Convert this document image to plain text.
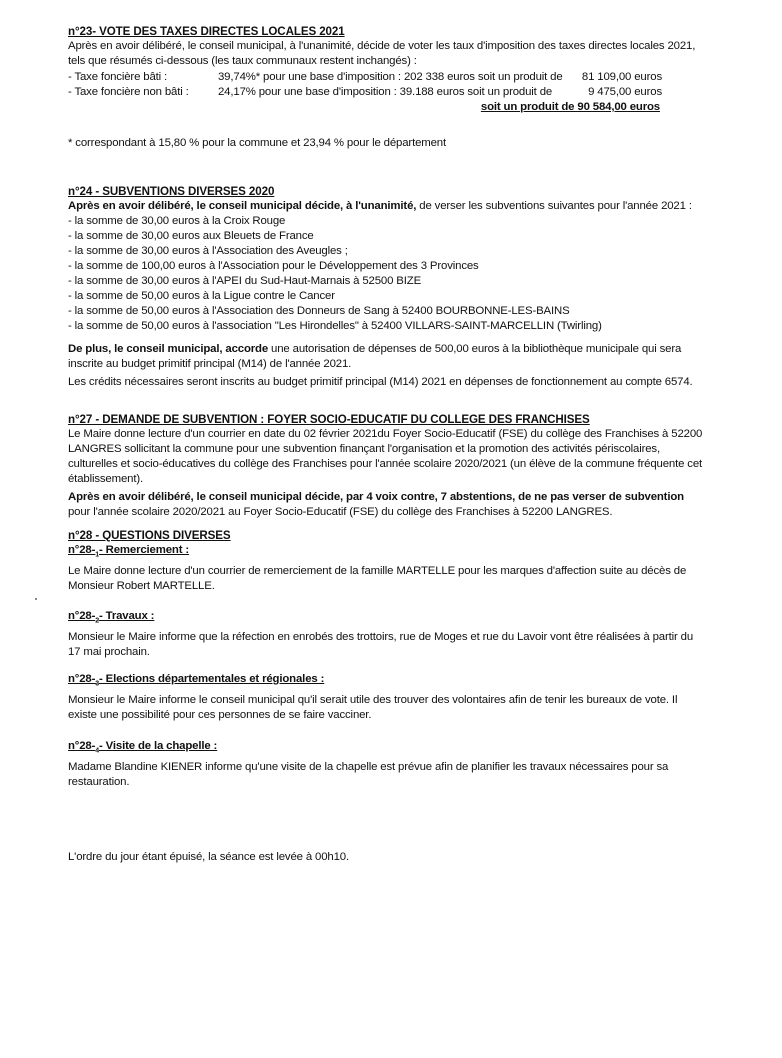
n°23- VOTE DES TAXES DIRECTES LOCALES 2021

Après en avoir délibéré, le conseil municipal, à l'unanimité, décide de voter les taux d'imposition des taxes directes locales 2021, tels que résumés ci-dessous (les taux communaux restent inchangés) :

- Taxe foncière bâti :	39,74%* pour une base d'imposition : 202 338 euros soit un produit de	81 109,00 euros
- Taxe foncière non bâti :	24,17% pour une base d'imposition : 39.188 euros soit un produit de	9 475,00 euros
soit un produit de 90 584,00 euros

* correspondant à 15,80 % pour la commune et 23,94 % pour le département

n°24 - SUBVENTIONS DIVERSES 2020

Après en avoir délibéré, le conseil municipal décide, à l'unanimité, de verser les subventions suivantes pour l'année 2021 :

- la somme de 30,00 euros à la Croix Rouge
- la somme de 30,00 euros aux Bleuets de France
- la somme de 30,00 euros à l'Association des Aveugles ;
- la somme de 100,00 euros à l'Association pour le Développement des 3 Provinces
- la somme de 30,00 euros à l'APEI du Sud-Haut-Marnais à 52500 BIZE
- la somme de 50,00 euros à la Ligue contre le Cancer
- la somme de 50,00 euros à l'Association des Donneurs de Sang à 52400 BOURBONNE-LES-BAINS
- la somme de 50,00 euros à l'association "Les Hirondelles" à 52400 VILLARS-SAINT-MARCELLIN (Twirling)

De plus, le conseil municipal, accorde une autorisation de dépenses de 500,00 euros à la bibliothèque municipale qui sera inscrite au budget primitif principal (M14) de l'année 2021.

Les crédits nécessaires seront inscrits au budget primitif principal (M14) 2021 en dépenses de fonctionnement au compte 6574.

n°27 - DEMANDE DE SUBVENTION : FOYER SOCIO-EDUCATIF DU COLLEGE DES FRANCHISES

Le Maire donne lecture d'un courrier en date du 02 février 2021du Foyer Socio-Educatif (FSE) du collège des Franchises à 52200 LANGRES sollicitant la commune pour une subvention finançant l'organisation et la promotion des activités périscolaires, culturelles et socio-éducatives du collège des Franchises pour l'année scolaire 2020/2021 (un élève de la commune fréquente cet établissement).

Après en avoir délibéré, le conseil municipal décide, par 4 voix contre, 7 abstentions, de ne pas verser de subvention pour l'année scolaire 2020/2021 au Foyer Socio-Educatif (FSE) du collège des Franchises à 52200 LANGRES.

n°28 - QUESTIONS DIVERSES
$n^\circ 28-_1-$ Remerciement :

Le Maire donne lecture d'un courrier de remerciement de la famille MARTELLE pour les marques d'affection suite au décès de Monsieur Robert MARTELLE.

$n^\circ 28-_2-$ Travaux :

Monsieur le Maire informe que la réfection en enrobés des trottoirs, rue de Moges et rue du Lavoir vont être réalisées à partir du 17 mai prochain.

$n^\circ 28-_3-$ Elections départementales et régionales :

Monsieur le Maire informe le conseil municipal qu'il serait utile des trouver des volontaires afin de tenir les bureaux de vote. Il existe une possibilité pour ces personnes de se faire vacciner.

$n^\circ 28-_4-$ Visite de la chapelle :

Madame Blandine KIENER informe qu'une visite de la chapelle est prévue afin de planifier les travaux nécessaires pour sa restauration.

L'ordre du jour étant épuisé, la séance est levée à 00h10.
